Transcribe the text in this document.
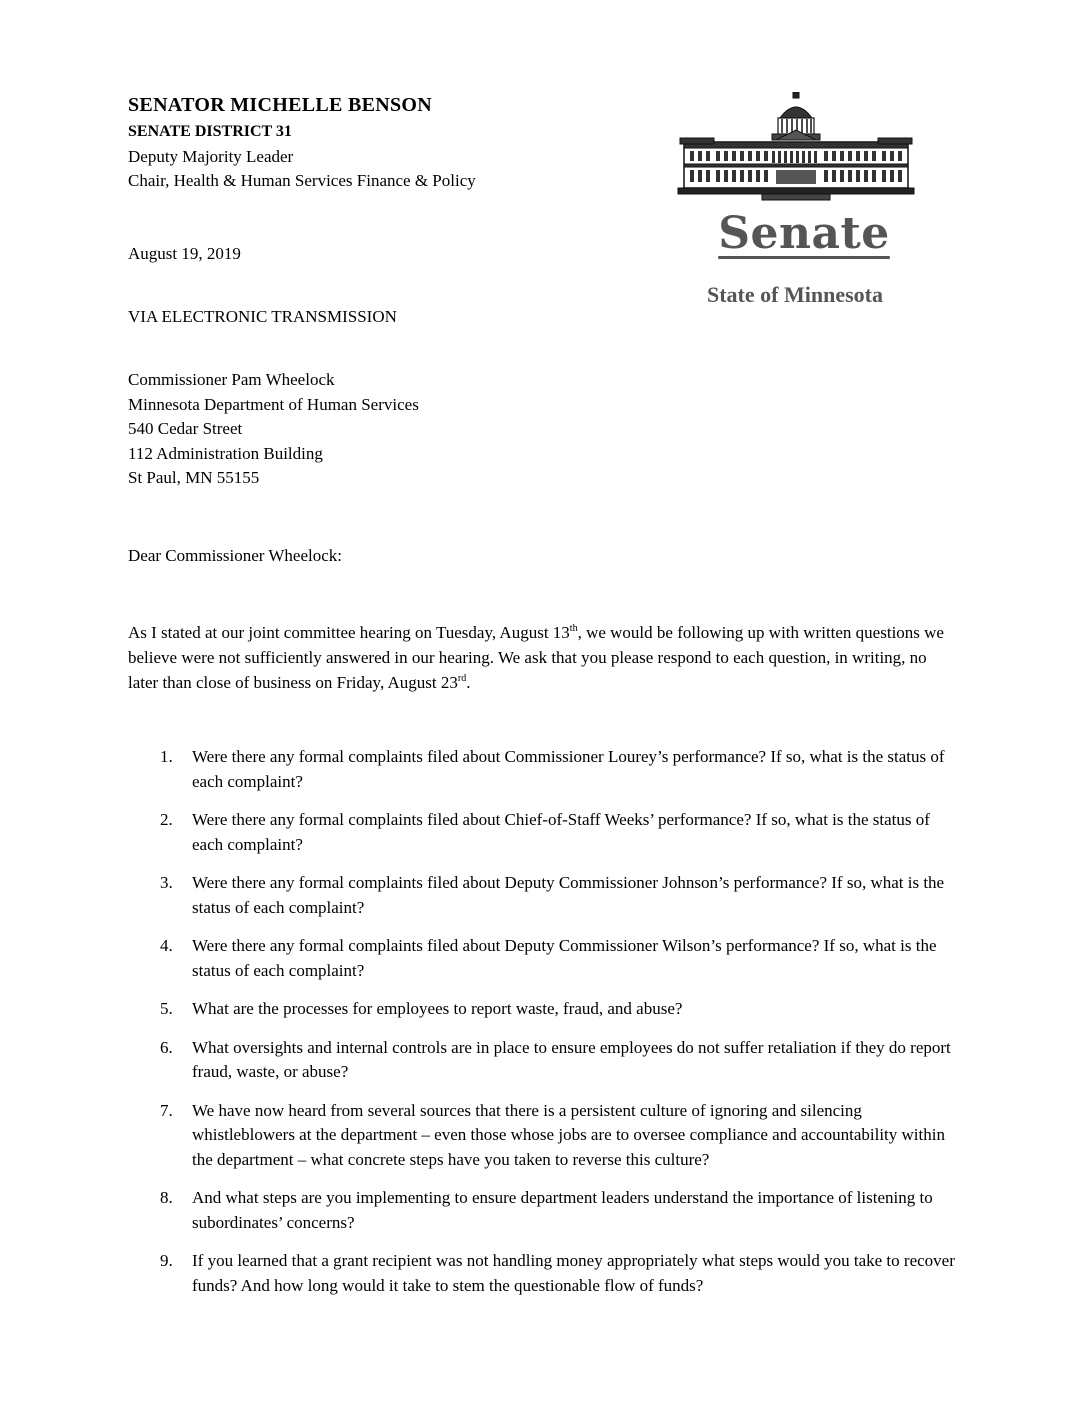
SENATOR MICHELLE BENSON
SENATE DISTRICT 31
Deputy Majority Leader
Chair, Health & Human Services Finance & Policy
Senate
State of Minnesota
August 19, 2019
VIA ELECTRONIC TRANSMISSION
Commissioner Pam Wheelock
Minnesota Department of Human Services
540 Cedar Street
112 Administration Building
St Paul, MN 55155
Dear Commissioner Wheelock:
As I stated at our joint committee hearing on Tuesday, August 13th, we would be following up with written questions we believe were not sufficiently answered in our hearing. We ask that you please respond to each question, in writing, no later than close of business on Friday, August 23rd.
1. Were there any formal complaints filed about Commissioner Lourey’s performance? If so, what is the status of each complaint?
2. Were there any formal complaints filed about Chief-of-Staff Weeks’ performance? If so, what is the status of each complaint?
3. Were there any formal complaints filed about Deputy Commissioner Johnson’s performance? If so, what is the status of each complaint?
4. Were there any formal complaints filed about Deputy Commissioner Wilson’s performance? If so, what is the status of each complaint?
5. What are the processes for employees to report waste, fraud, and abuse?
6. What oversights and internal controls are in place to ensure employees do not suffer retaliation if they do report fraud, waste, or abuse?
7. We have now heard from several sources that there is a persistent culture of ignoring and silencing whistleblowers at the department – even those whose jobs are to oversee compliance and accountability within the department – what concrete steps have you taken to reverse this culture?
8. And what steps are you implementing to ensure department leaders understand the importance of listening to subordinates’ concerns?
9. If you learned that a grant recipient was not handling money appropriately what steps would you take to recover funds? And how long would it take to stem the questionable flow of funds?
